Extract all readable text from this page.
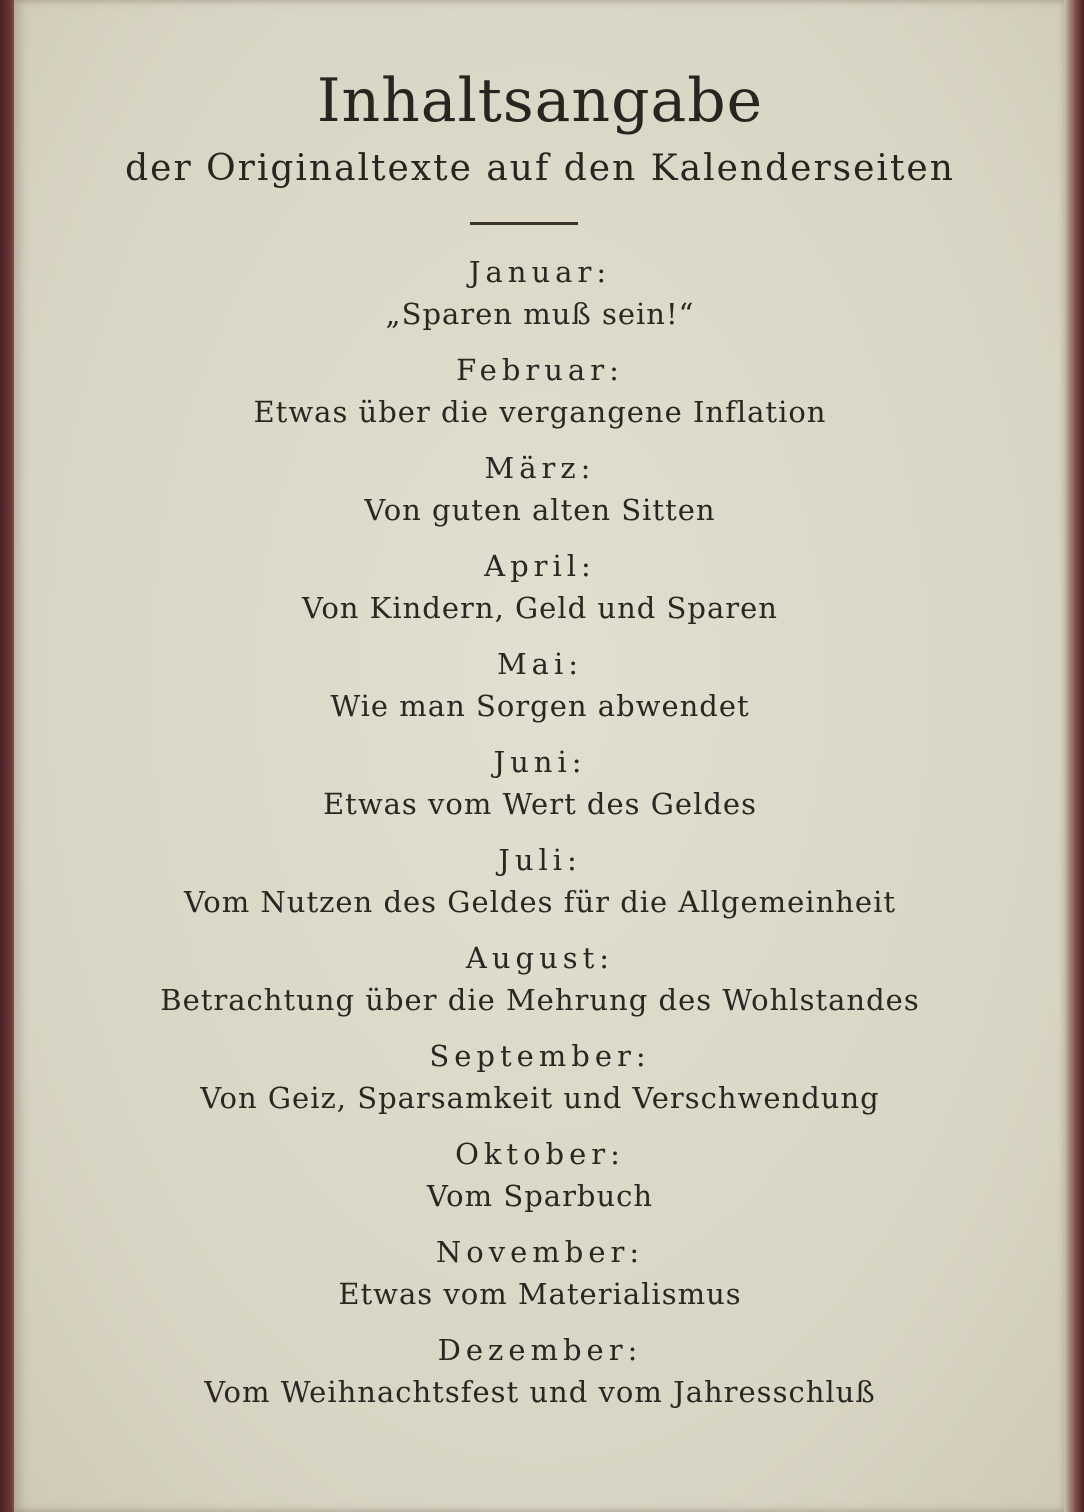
Inhaltsangabe
der Originaltexte auf den Kalenderseiten
Januar:
„Sparen muß sein!“
Februar:
Etwas über die vergangene Inflation
März:
Von guten alten Sitten
April:
Von Kindern, Geld und Sparen
Mai:
Wie man Sorgen abwendet
Juni:
Etwas vom Wert des Geldes
Juli:
Vom Nutzen des Geldes für die Allgemeinheit
August:
Betrachtung über die Mehrung des Wohlstandes
September:
Von Geiz, Sparsamkeit und Verschwendung
Oktober:
Vom Sparbuch
November:
Etwas vom Materialismus
Dezember:
Vom Weihnachtsfest und vom Jahresschluß
